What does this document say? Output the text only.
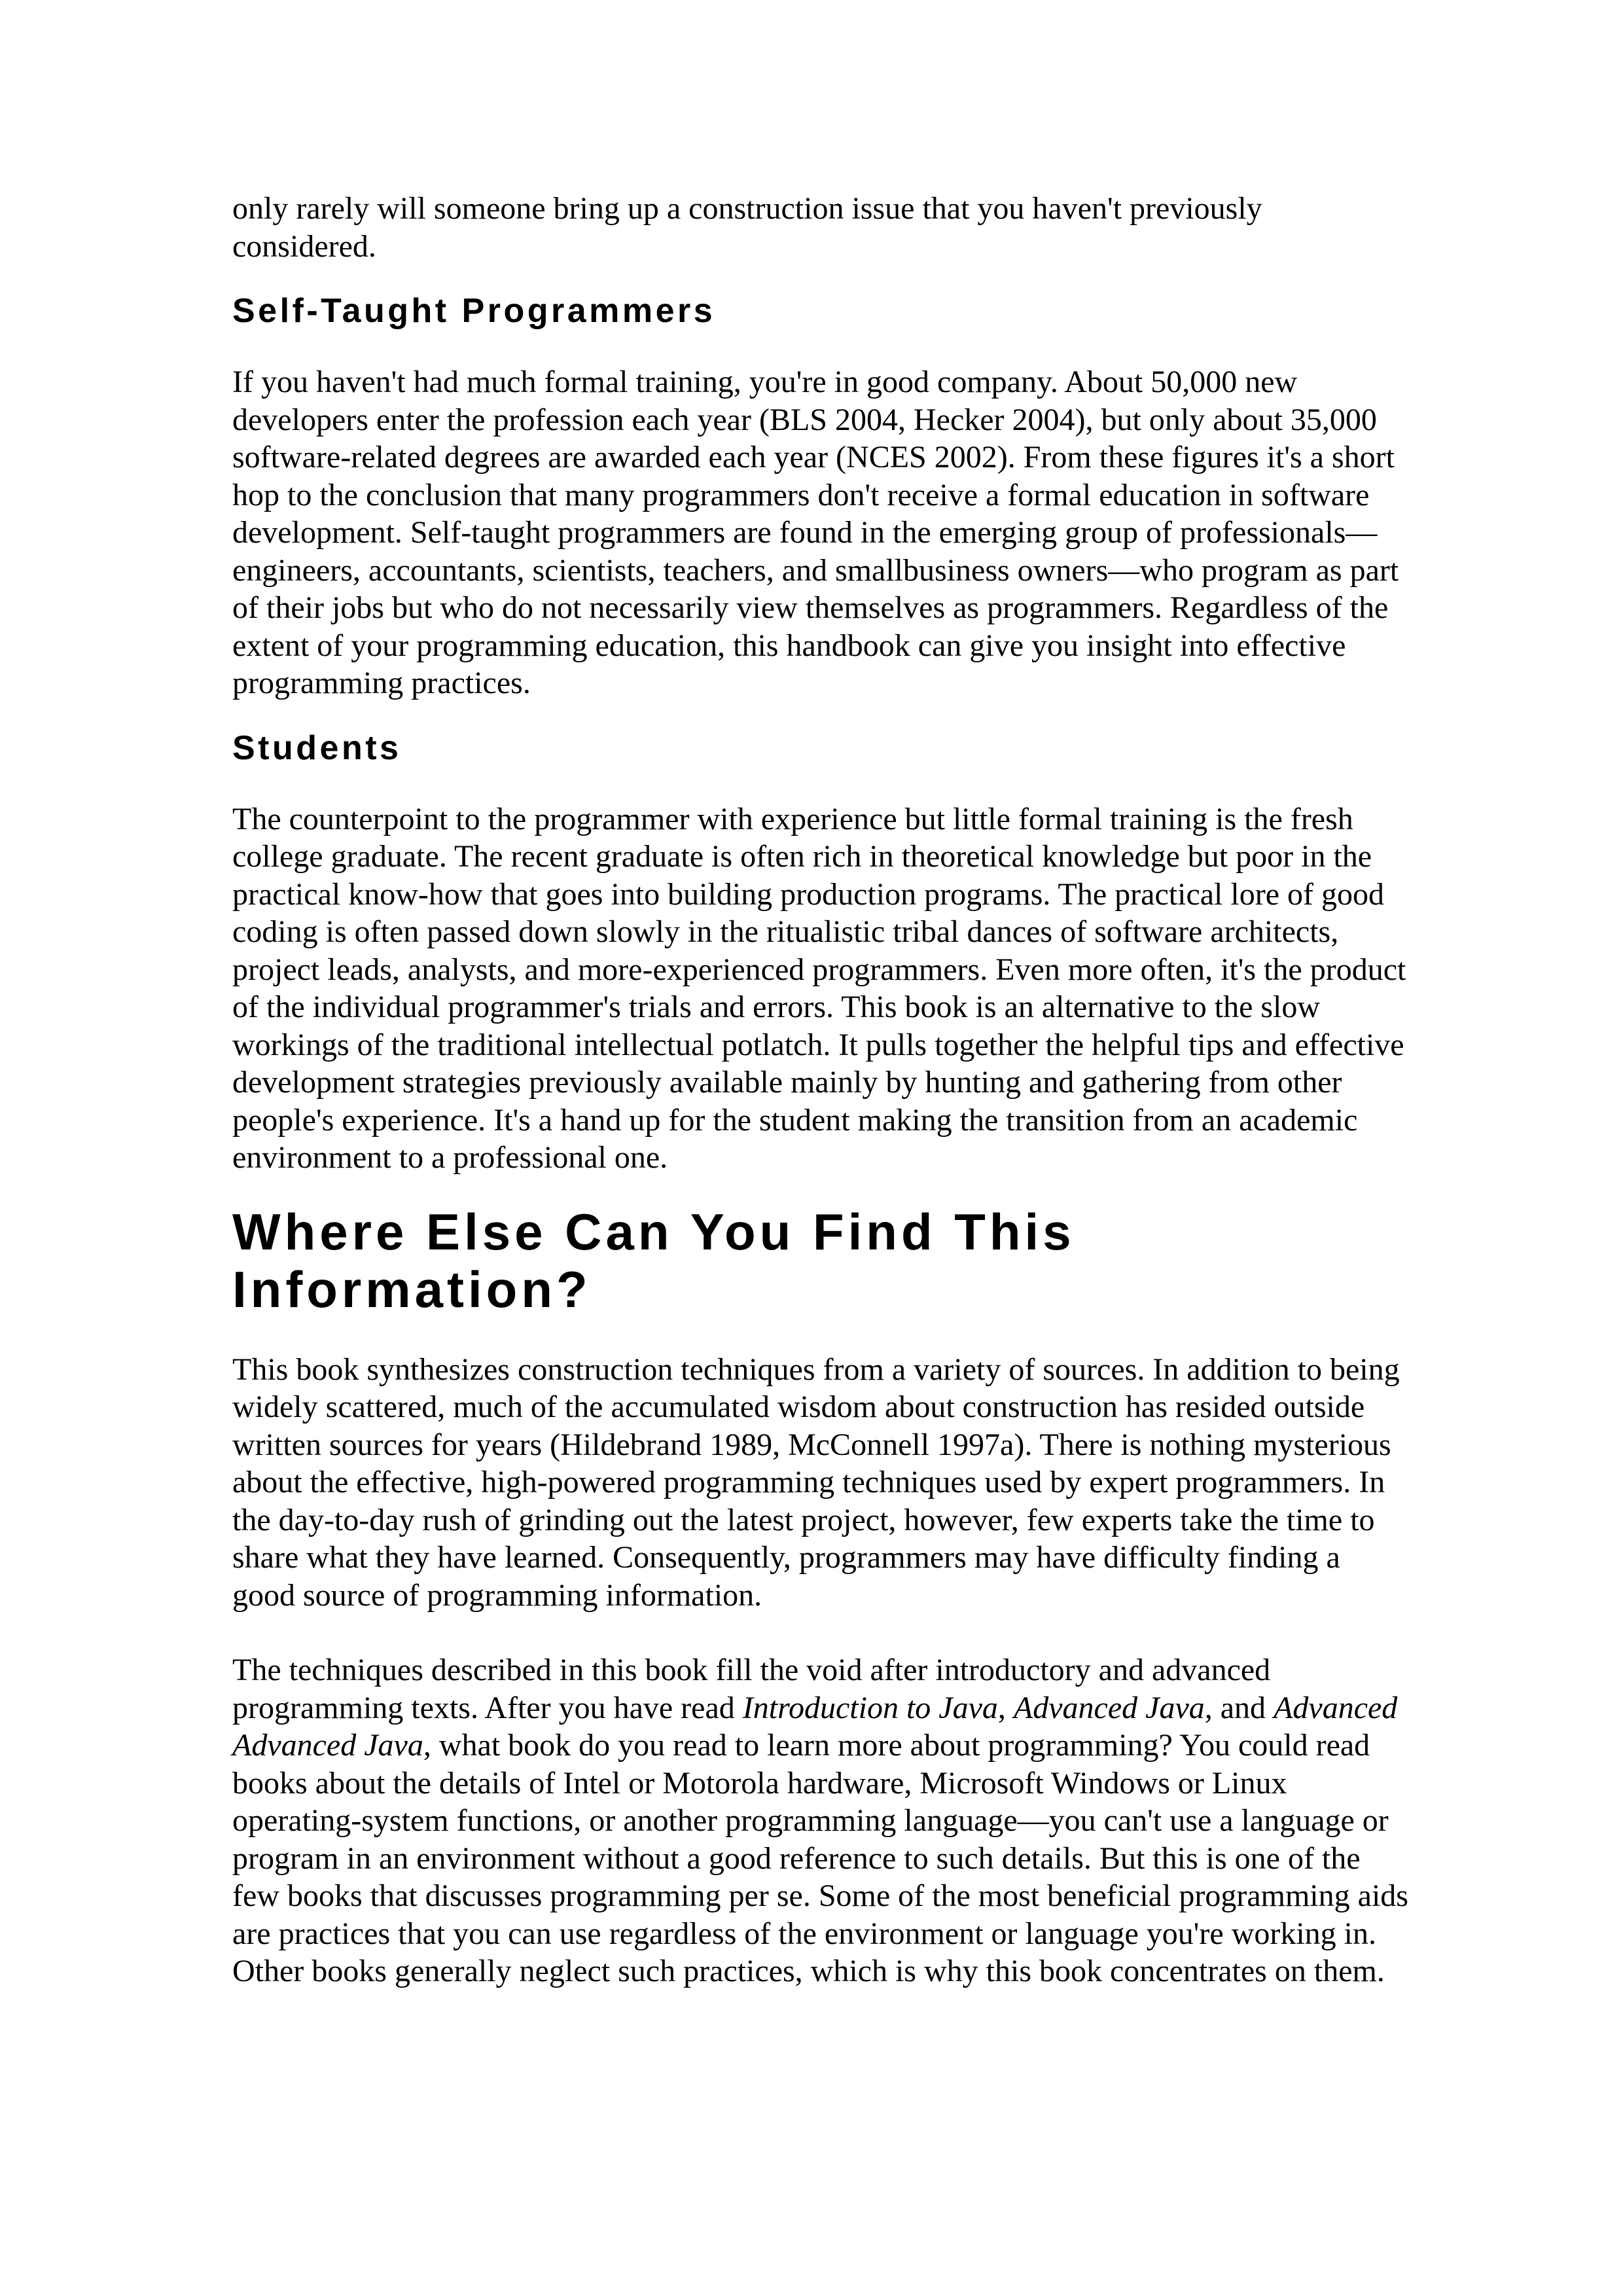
only rarely will someone bring up a construction issue that you haven't previously considered.

Self-Taught Programmers

If you haven't had much formal training, you're in good company. About 50,000 new developers enter the profession each year (BLS 2004, Hecker 2004), but only about 35,000 software-related degrees are awarded each year (NCES 2002). From these figures it's a short hop to the conclusion that many programmers don't receive a formal education in software development. Self-taught programmers are found in the emerging group of professionals—engineers, accountants, scientists, teachers, and smallbusiness owners—who program as part of their jobs but who do not necessarily view themselves as programmers. Regardless of the extent of your programming education, this handbook can give you insight into effective programming practices.

Students

The counterpoint to the programmer with experience but little formal training is the fresh college graduate. The recent graduate is often rich in theoretical knowledge but poor in the practical know-how that goes into building production programs. The practical lore of good coding is often passed down slowly in the ritualistic tribal dances of software architects, project leads, analysts, and more-experienced programmers. Even more often, it's the product of the individual programmer's trials and errors. This book is an alternative to the slow workings of the traditional intellectual potlatch. It pulls together the helpful tips and effective development strategies previously available mainly by hunting and gathering from other people's experience. It's a hand up for the student making the transition from an academic environment to a professional one.

Where Else Can You Find This
Information?

This book synthesizes construction techniques from a variety of sources. In addition to being widely scattered, much of the accumulated wisdom about construction has resided outside written sources for years (Hildebrand 1989, McConnell 1997a). There is nothing mysterious about the effective, high-powered programming techniques used by expert programmers. In the day-to-day rush of grinding out the latest project, however, few experts take the time to share what they have learned. Consequently, programmers may have difficulty finding a good source of programming information.

The techniques described in this book fill the void after introductory and advanced programming texts. After you have read Introduction to Java, Advanced Java, and Advanced Advanced Java, what book do you read to learn more about programming? You could read books about the details of Intel or Motorola hardware, Microsoft Windows or Linux operating-system functions, or another programming language—you can't use a language or program in an environment without a good reference to such details. But this is one of the few books that discusses programming per se. Some of the most beneficial programming aids are practices that you can use regardless of the environment or language you're working in. Other books generally neglect such practices, which is why this book concentrates on them.
